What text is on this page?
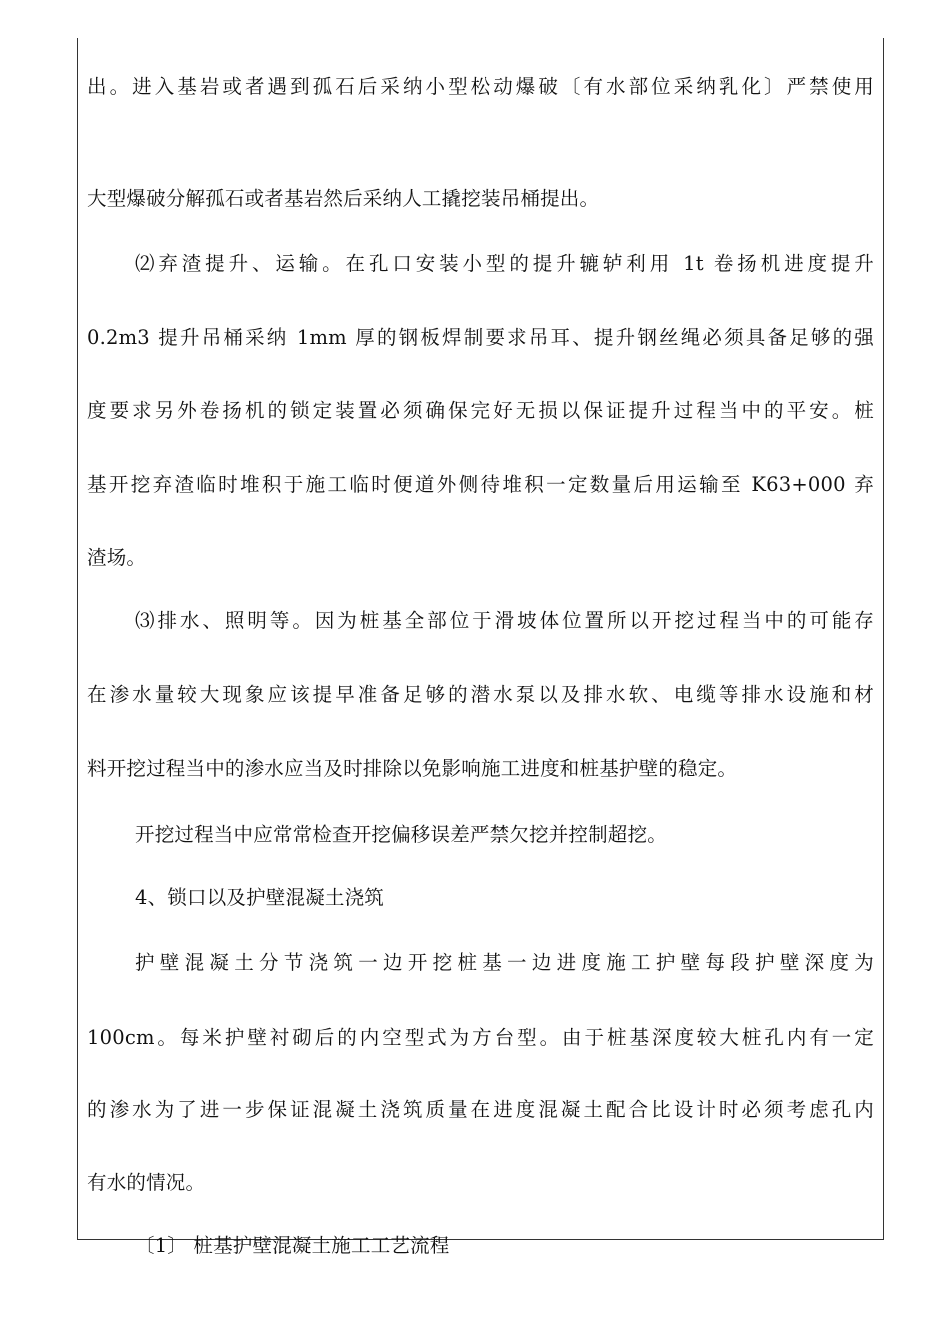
出。进入基岩或者遇到孤石后采纳小型松动爆破〔有水部位采纳乳化〕严禁使用
大型爆破分解孤石或者基岩然后采纳人工撬挖装吊桶提出。
⑵弃渣提升、运输。在孔口安装小型的提升辘轳利用 1t 卷扬机进度提升
0.2m3 提升吊桶采纳 1mm 厚的钢板焊制要求吊耳、提升钢丝绳必须具备足够的强
度要求另外卷扬机的锁定装置必须确保完好无损以保证提升过程当中的平安。桩
基开挖弃渣临时堆积于施工临时便道外侧待堆积一定数量后用运输至 K63+000 弃
渣场。
⑶排水、照明等。因为桩基全部位于滑坡体位置所以开挖过程当中的可能存
在渗水量较大现象应该提早准备足够的潜水泵以及排水软、电缆等排水设施和材
料开挖过程当中的渗水应当及时排除以免影响施工进度和桩基护壁的稳定。
开挖过程当中应常常检查开挖偏移误差严禁欠挖并控制超挖。
4、锁口以及护壁混凝土浇筑
护壁混凝土分节浇筑一边开挖桩基一边进度施工护壁每段护壁深度为
100cm。每米护壁衬砌后的内空型式为方台型。由于桩基深度较大桩孔内有一定
的渗水为了进一步保证混凝土浇筑质量在进度混凝土配合比设计时必须考虑孔内
有水的情况。
〔1〕 桩基护壁混凝土施工工艺流程
